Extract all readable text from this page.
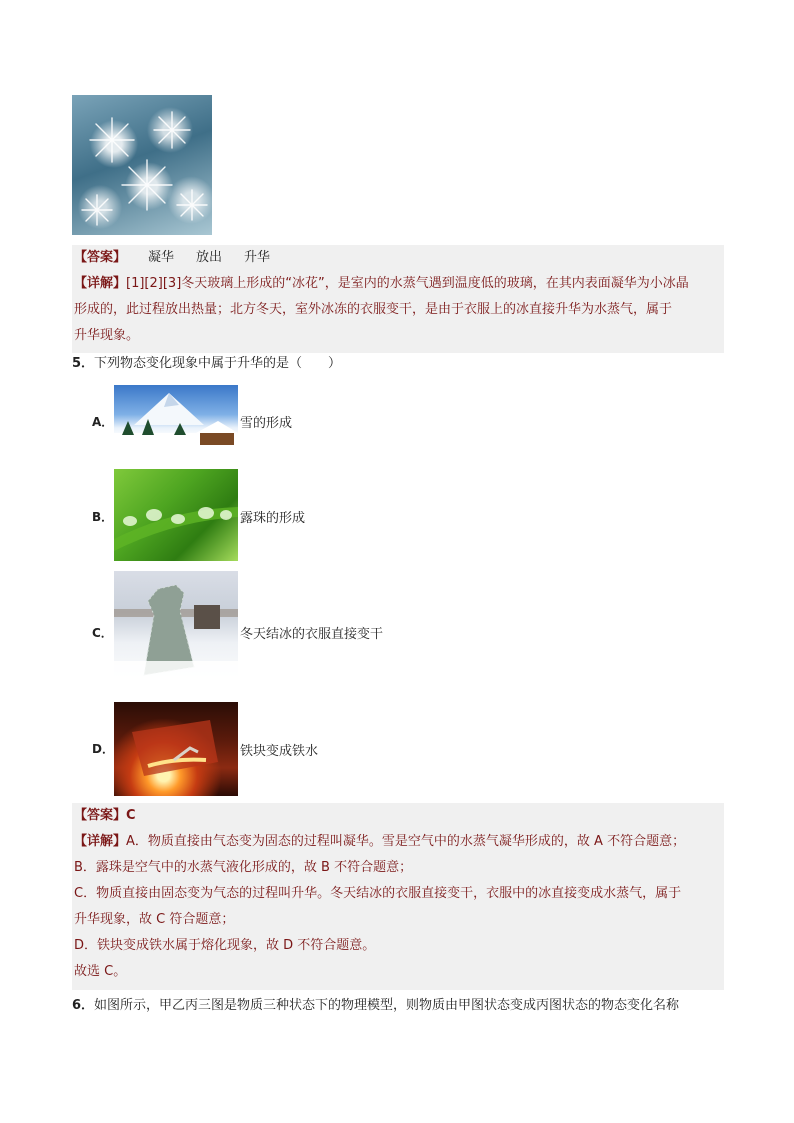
【答案】 凝华 放出 升华
【详解】[1][2][3]冬天玻璃上形成的“冰花”，是室内的水蒸气遇到温度低的玻璃，在其内表面凝华为小冰晶
形成的，此过程放出热量；北方冬天，室外冰冻的衣服变干，是由于衣服上的冰直接升华为水蒸气，属于
升华现象。
5．下列物态变化现象中属于升华的是（　　）
A．	雪的形成
B．	露珠的形成
C．	冬天结冰的衣服直接变干
D．	铁块变成铁水
【答案】C
【详解】A．物质直接由气态变为固态的过程叫凝华。雪是空气中的水蒸气凝华形成的，故 A 不符合题意；
B．露珠是空气中的水蒸气液化形成的，故 B 不符合题意；
C．物质直接由固态变为气态的过程叫升华。冬天结冰的衣服直接变干，衣服中的冰直接变成水蒸气，属于
升华现象，故 C 符合题意；
D．铁块变成铁水属于熔化现象，故 D 不符合题意。
故选 C。
6．如图所示，甲乙丙三图是物质三种状态下的物理模型，则物质由甲图状态变成丙图状态的物态变化名称
